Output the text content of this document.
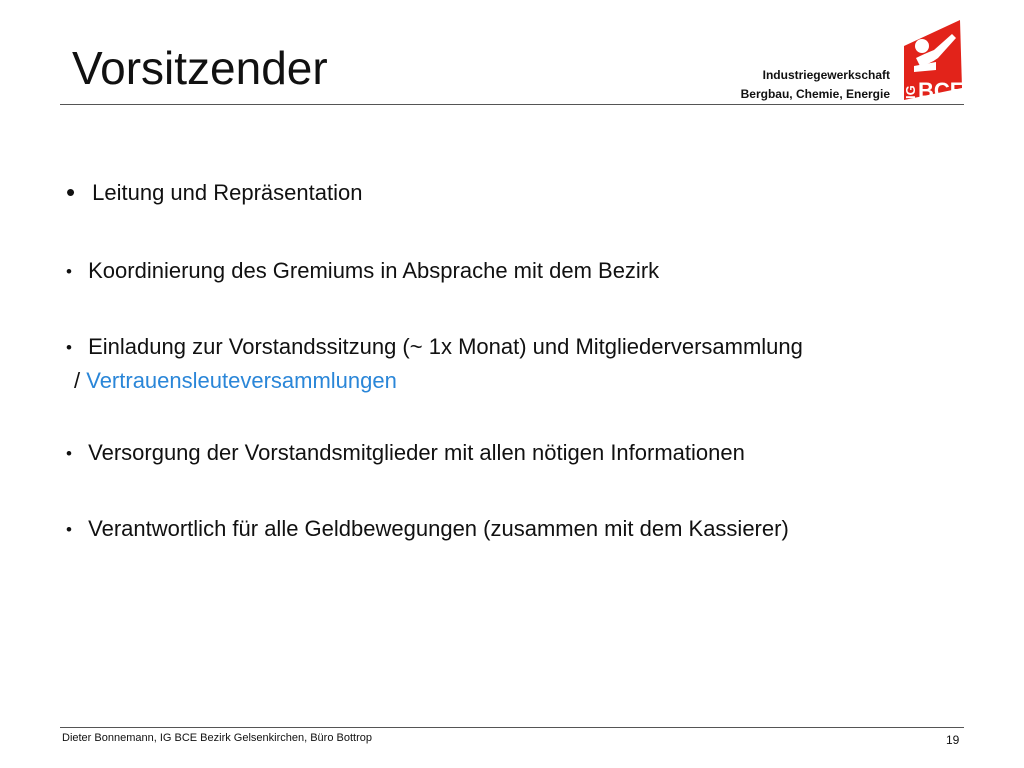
Vorsitzender	Industriegewerkschaft
Bergbau, Chemie, Energie IG BCE
• Leitung und Repräsentation
• Koordinierung des Gremiums in Absprache mit dem Bezirk
• Einladung zur Vorstandssitzung (~ 1x Monat) und Mitgliederversammlung
/ Vertrauensleuteversammlungen
• Versorgung der Vorstandsmitglieder mit allen nötigen Informationen
• Verantwortlich für alle Geldbewegungen (zusammen mit dem Kassierer)
Dieter Bonnemann, IG BCE Bezirk Gelsenkirchen, Büro Bottrop	19
